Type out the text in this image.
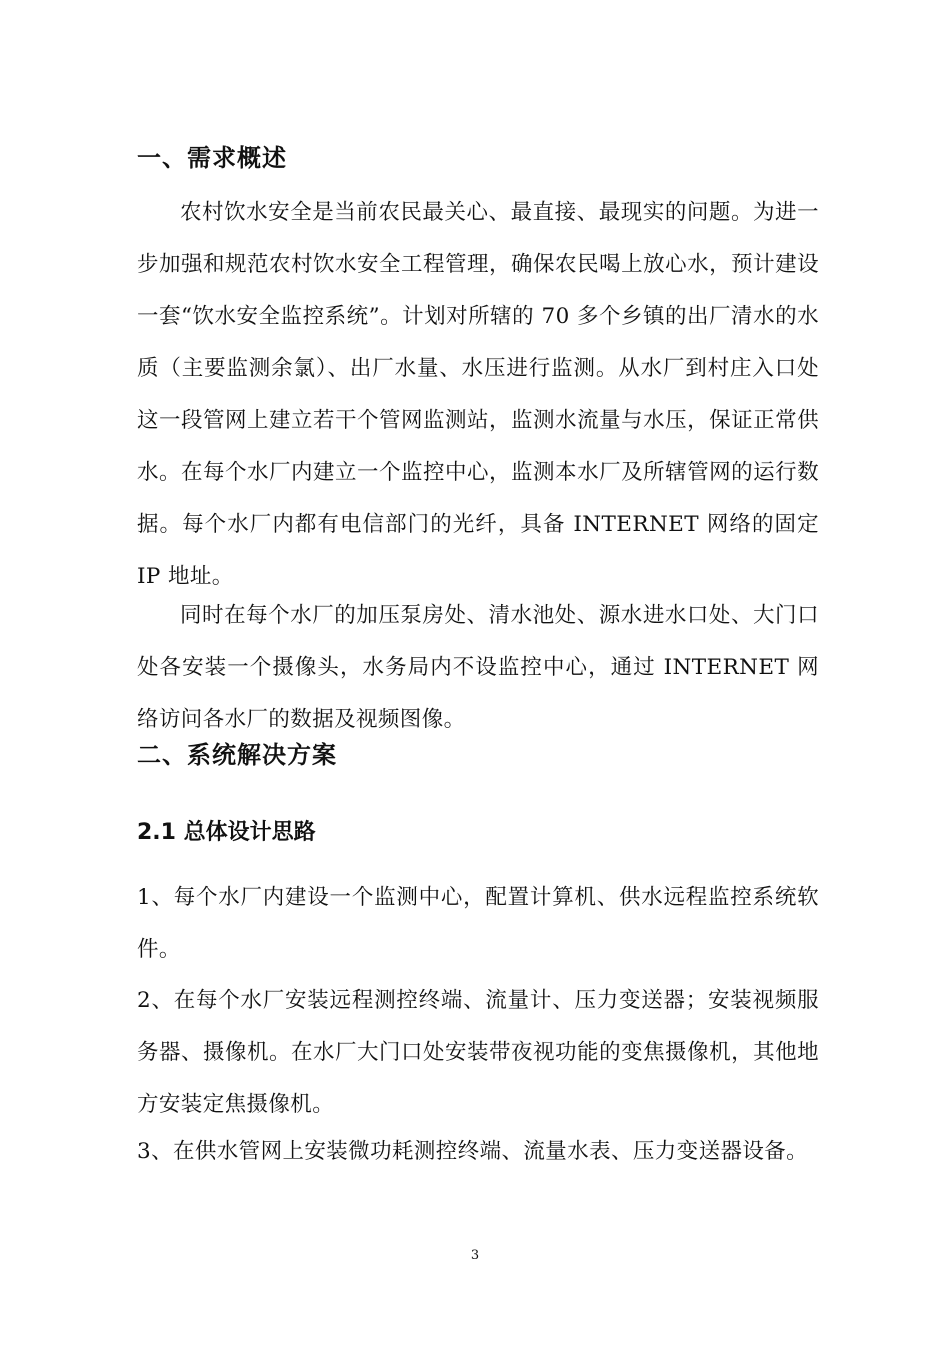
一、需求概述

农村饮水安全是当前农民最关心、最直接、最现实的问题。为进一步加强和规范农村饮水安全工程管理，确保农民喝上放心水，预计建设一套“饮水安全监控系统”。计划对所辖的 70 多个乡镇的出厂清水的水质（主要监测余氯）、出厂水量、水压进行监测。从水厂到村庄入口处这一段管网上建立若干个管网监测站，监测水流量与水压，保证正常供水。在每个水厂内建立一个监控中心，监测本水厂及所辖管网的运行数据。每个水厂内都有电信部门的光纤，具备 INTERNET 网络的固定 IP 地址。

同时在每个水厂的加压泵房处、清水池处、源水进水口处、大门口处各安装一个摄像头，水务局内不设监控中心，通过 INTERNET 网络访问各水厂的数据及视频图像。

二、系统解决方案
2.1 总体设计思路

1、每个水厂内建设一个监测中心，配置计算机、供水远程监控系统软件。

2、在每个水厂安装远程测控终端、流量计、压力变送器；安装视频服务器、摄像机。在水厂大门口处安装带夜视功能的变焦摄像机，其他地方安装定焦摄像机。

3、在供水管网上安装微功耗测控终端、流量水表、压力变送器设备。

3
